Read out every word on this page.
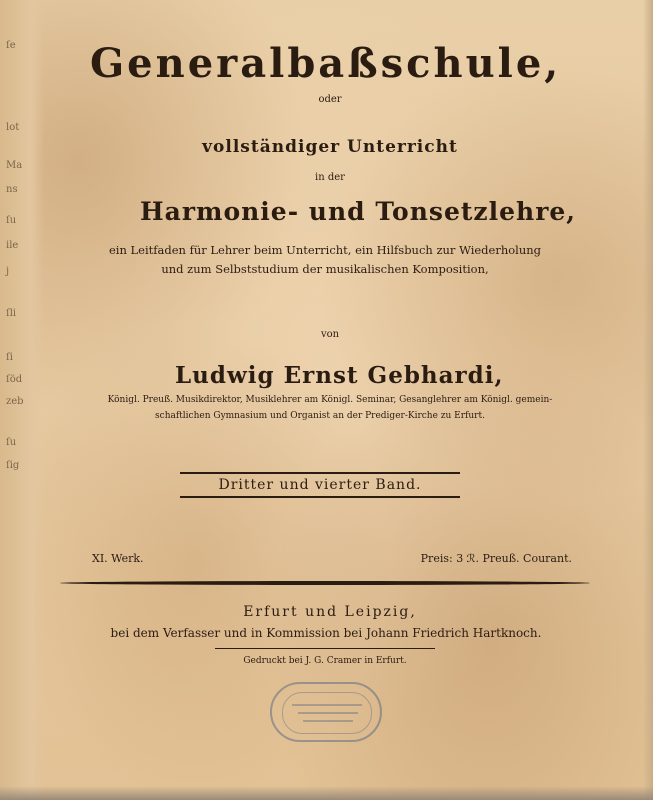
ſe
lot
Ma
ns
ſu
ile
j
ſli
ſi
ſöd
zeb
ſu
ſig
Generalbaßschule,
oder
vollständiger Unterricht
in der
Harmonie- und Tonsetzlehre,
ein Leitfaden für Lehrer beim Unterricht, ein Hilfsbuch zur Wiederholung
und zum Selbststudium der musikalischen Komposition,
von
Ludwig Ernst Gebhardi,
Königl. Preuß. Musikdirektor, Musiklehrer am Königl. Seminar, Gesanglehrer am Königl. gemein-
schaftlichen Gymnasium und Organist an der Prediger-Kirche zu Erfurt.
Dritter und vierter Band.
XI. Werk.	Preis: 3 ℛ. Preuß. Courant.
Erfurt und Leipzig,
bei dem Verfasser und in Kommission bei Johann Friedrich Hartknoch.
Gedruckt bei J. G. Cramer in Erfurt.
